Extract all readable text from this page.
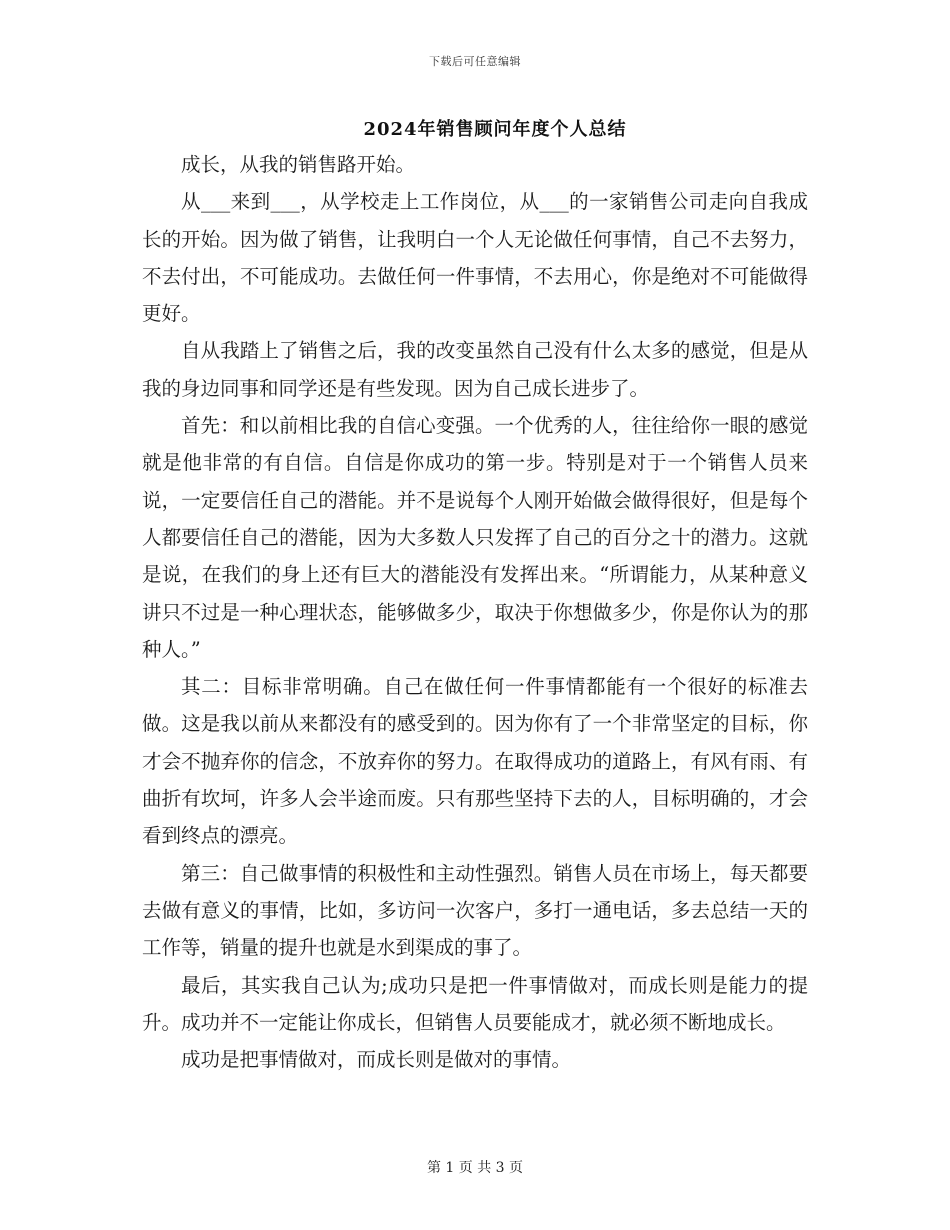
下载后可任意编辑
2024年销售顾问年度个人总结

成长，从我的销售路开始。

从___来到___，从学校走上工作岗位，从___的一家销售公司走向自我成长的开始。因为做了销售，让我明白一个人无论做任何事情，自己不去努力，不去付出，不可能成功。去做任何一件事情，不去用心，你是绝对不可能做得更好。

自从我踏上了销售之后，我的改变虽然自己没有什么太多的感觉，但是从我的身边同事和同学还是有些发现。因为自己成长进步了。

首先：和以前相比我的自信心变强。一个优秀的人，往往给你一眼的感觉就是他非常的有自信。自信是你成功的第一步。特别是对于一个销售人员来说，一定要信任自己的潜能。并不是说每个人刚开始做会做得很好，但是每个人都要信任自己的潜能，因为大多数人只发挥了自己的百分之十的潜力。这就是说，在我们的身上还有巨大的潜能没有发挥出来。“所谓能力，从某种意义讲只不过是一种心理状态，能够做多少，取决于你想做多少，你是你认为的那种人。”

其二：目标非常明确。自己在做任何一件事情都能有一个很好的标准去做。这是我以前从来都没有的感受到的。因为你有了一个非常坚定的目标，你才会不抛弃你的信念，不放弃你的努力。在取得成功的道路上，有风有雨、有曲折有坎坷，许多人会半途而废。只有那些坚持下去的人，目标明确的，才会看到终点的漂亮。

第三：自己做事情的积极性和主动性强烈。销售人员在市场上，每天都要去做有意义的事情，比如，多访问一次客户，多打一通电话，多去总结一天的工作等，销量的提升也就是水到渠成的事了。

最后，其实我自己认为;成功只是把一件事情做对，而成长则是能力的提升。成功并不一定能让你成长，但销售人员要能成才，就必须不断地成长。

成功是把事情做对，而成长则是做对的事情。

第 1 页 共 3 页
